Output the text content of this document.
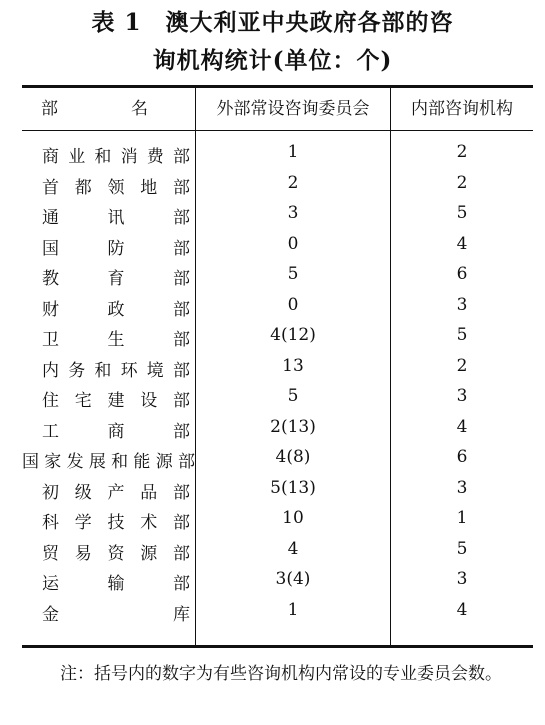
表 1　澳大利亚中央政府各部的咨
询机构统计(单位：个)
部　名	外部常设咨询委员会	内部咨询机构
商业和消费部	1	2
首都领地部	2	2
通讯部	3	5
国防部	0	4
教育部	5	6
财政部	0	3
卫生部	4(12)	5
内务和环境部	13	2
住宅建设部	5	3
工商部	2(13)	4
国家发展和能源部	4(8)	6
初级产品部	5(13)	3
科学技术部	10	1
贸易资源部	4	5
运输部	3(4)	3
金库	1	4
注：括号内的数字为有些咨询机构内常设的专业委员会数。
